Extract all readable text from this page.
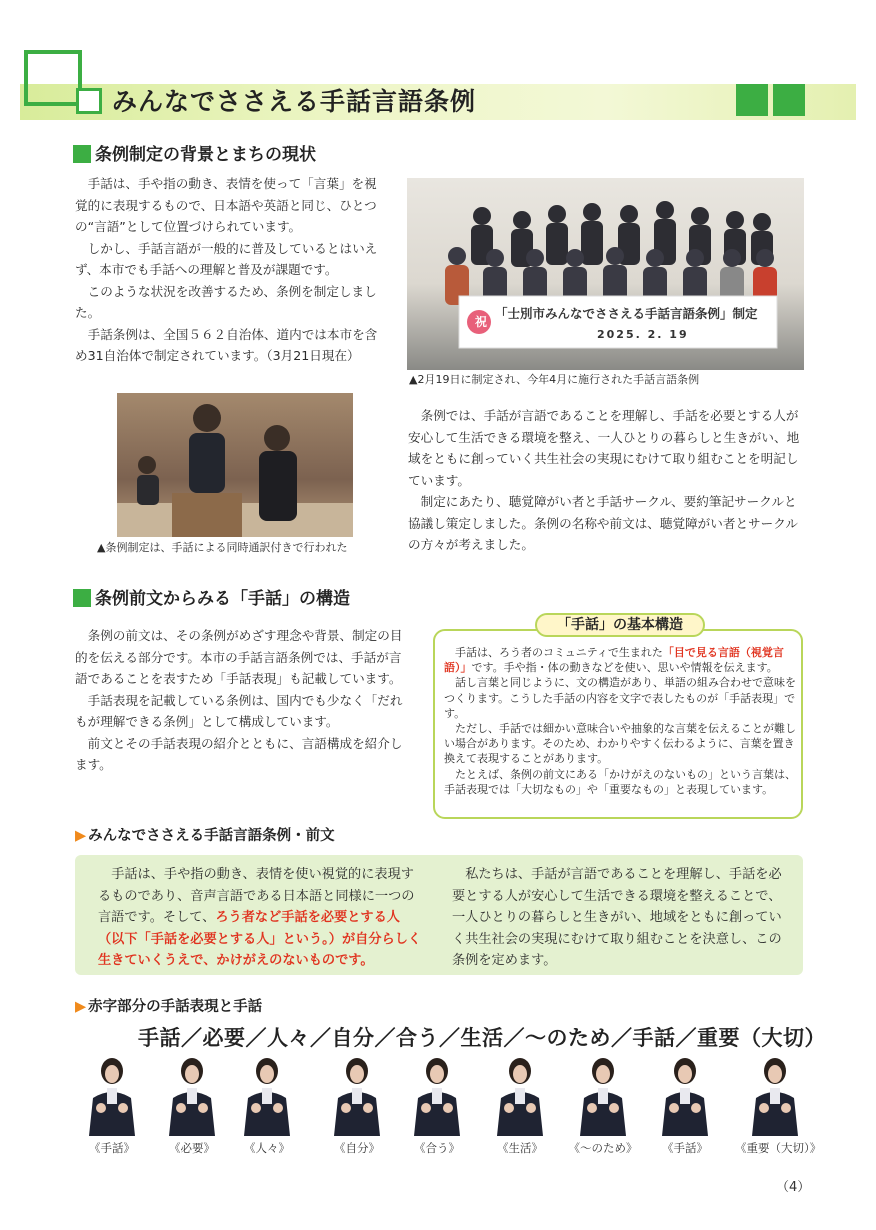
みんなでささえる手話言語条例
条例制定の背景とまちの現状

手話は、手や指の動き、表情を使って「言葉」を視覚的に表現するもので、日本語や英語と同じ、ひとつの“言語”として位置づけられています。

しかし、手話言語が一般的に普及しているとはいえず、本市でも手話への理解と普及が課題です。

このような状況を改善するため、条例を制定しました。

手話条例は、全国５６２自治体、道内では本市を含め31自治体で制定されています。（3月21日現在）

祝
「士別市みんなでささえる手話言語条例」制定
2025. 2. 19
▲2月19日に制定され、今年4月に施行された手話言語条例
▲条例制定は、手話による同時通訳付きで行われた

条例では、手話が言語であることを理解し、手話を必要とする人が安心して生活できる環境を整え、一人ひとりの暮らしと生きがい、地域をともに創っていく共生社会の実現にむけて取り組むことを明記しています。

制定にあたり、聴覚障がい者と手話サークル、要約筆記サークルと協議し策定しました。条例の名称や前文は、聴覚障がい者とサークルの方々が考えました。

条例前文からみる「手話」の構造

条例の前文は、その条例がめざす理念や背景、制定の目的を伝える部分です。本市の手話言語条例では、手話が言語であることを表すため「手話表現」も記載しています。

手話表現を記載している条例は、国内でも少なく「だれもが理解できる条例」として構成しています。

前文とその手話表現の紹介とともに、言語構成を紹介します。

「手話」の基本構造

手話は、ろう者のコミュニティで生まれた「目で見る言語（視覚言語）」です。手や指・体の動きなどを使い、思いや情報を伝えます。

話し言葉と同じように、文の構造があり、単語の組み合わせで意味をつくります。こうした手話の内容を文字で表したものが「手話表現」です。

ただし、手話では細かい意味合いや抽象的な言葉を伝えることが難しい場合があります。そのため、わかりやすく伝わるように、言葉を置き換えて表現することがあります。

たとえば、条例の前文にある「かけがえのないもの」という言葉は、手話表現では「大切なもの」や「重要なもの」と表現しています。

▶ みんなでささえる手話言語条例・前文
手話は、手や指の動き、表情を使い視覚的に表現するものであり、音声言語である日本語と同様に一つの言語です。そして、ろう者など手話を必要とする人（以下「手話を必要とする人」という。）が自分らしく生きていくうえで、かけがえのないものです。
私たちは、手話が言語であることを理解し、手話を必要とする人が安心して生活できる環境を整えることで、一人ひとりの暮らしと生きがい、地域をともに創っていく共生社会の実現にむけて取り組むことを決意し、この条例を定めます。
▶ 赤字部分の手話表現と手話
手話／必要／人々／自分／合う／生活／～のため／手話／重要（大切）
《手話》	《必要》	《人々》	《自分》	《合う》	《生活》	《～のため》	《手話》	《重要（大切）》
（4）
